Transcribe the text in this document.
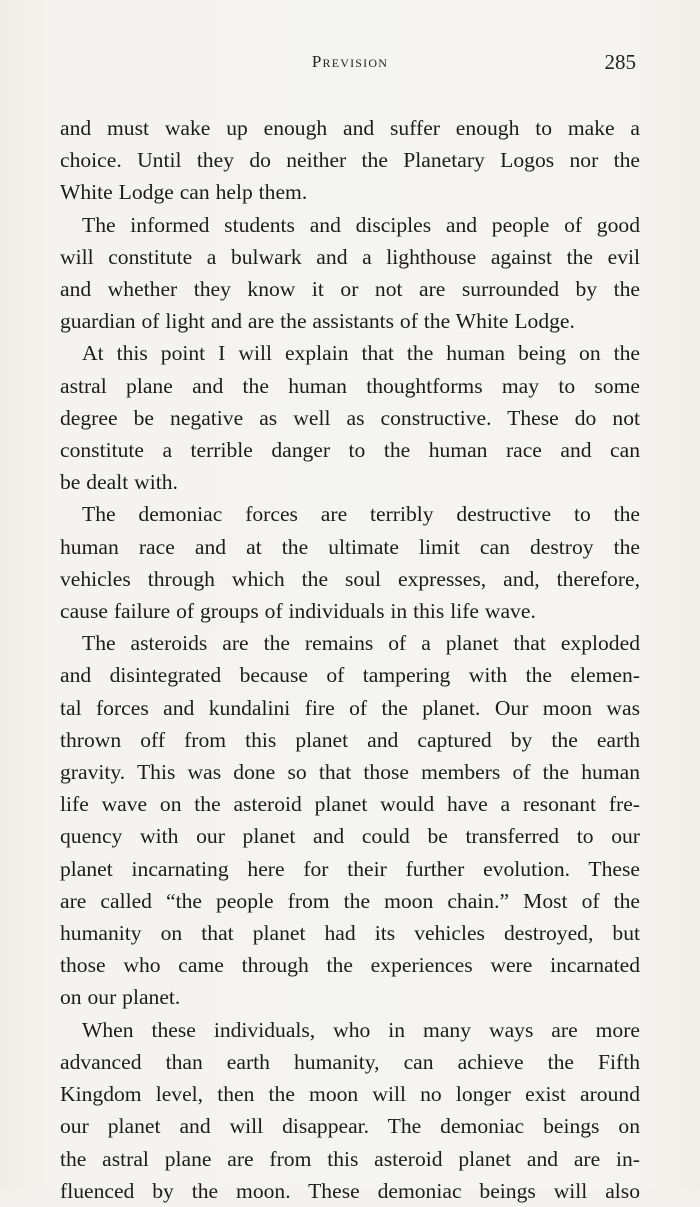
Prevision	285

and must wake up enough and suffer enough to make a
choice. Until they do neither the Planetary Logos nor the
White Lodge can help them.

The informed students and disciples and people of good
will constitute a bulwark and a lighthouse against the evil
and whether they know it or not are surrounded by the
guardian of light and are the assistants of the White Lodge.

At this point I will explain that the human being on the
astral plane and the human thoughtforms may to some
degree be negative as well as constructive. These do not
constitute a terrible danger to the human race and can
be dealt with.

The demoniac forces are terribly destructive to the
human race and at the ultimate limit can destroy the
vehicles through which the soul expresses, and, therefore,
cause failure of groups of individuals in this life wave.

The asteroids are the remains of a planet that exploded
and disintegrated because of tampering with the elemen-
tal forces and kundalini fire of the planet. Our moon was
thrown off from this planet and captured by the earth
gravity. This was done so that those members of the human
life wave on the asteroid planet would have a resonant fre-
quency with our planet and could be transferred to our
planet incarnating here for their further evolution. These
are called “the people from the moon chain.” Most of the
humanity on that planet had its vehicles destroyed, but
those who came through the experiences were incarnated
on our planet.

When these individuals, who in many ways are more
advanced than earth humanity, can achieve the Fifth
Kingdom level, then the moon will no longer exist around
our planet and will disappear. The demoniac beings on
the astral plane are from this asteroid planet and are in-
fluenced by the moon. These demoniac beings will also
